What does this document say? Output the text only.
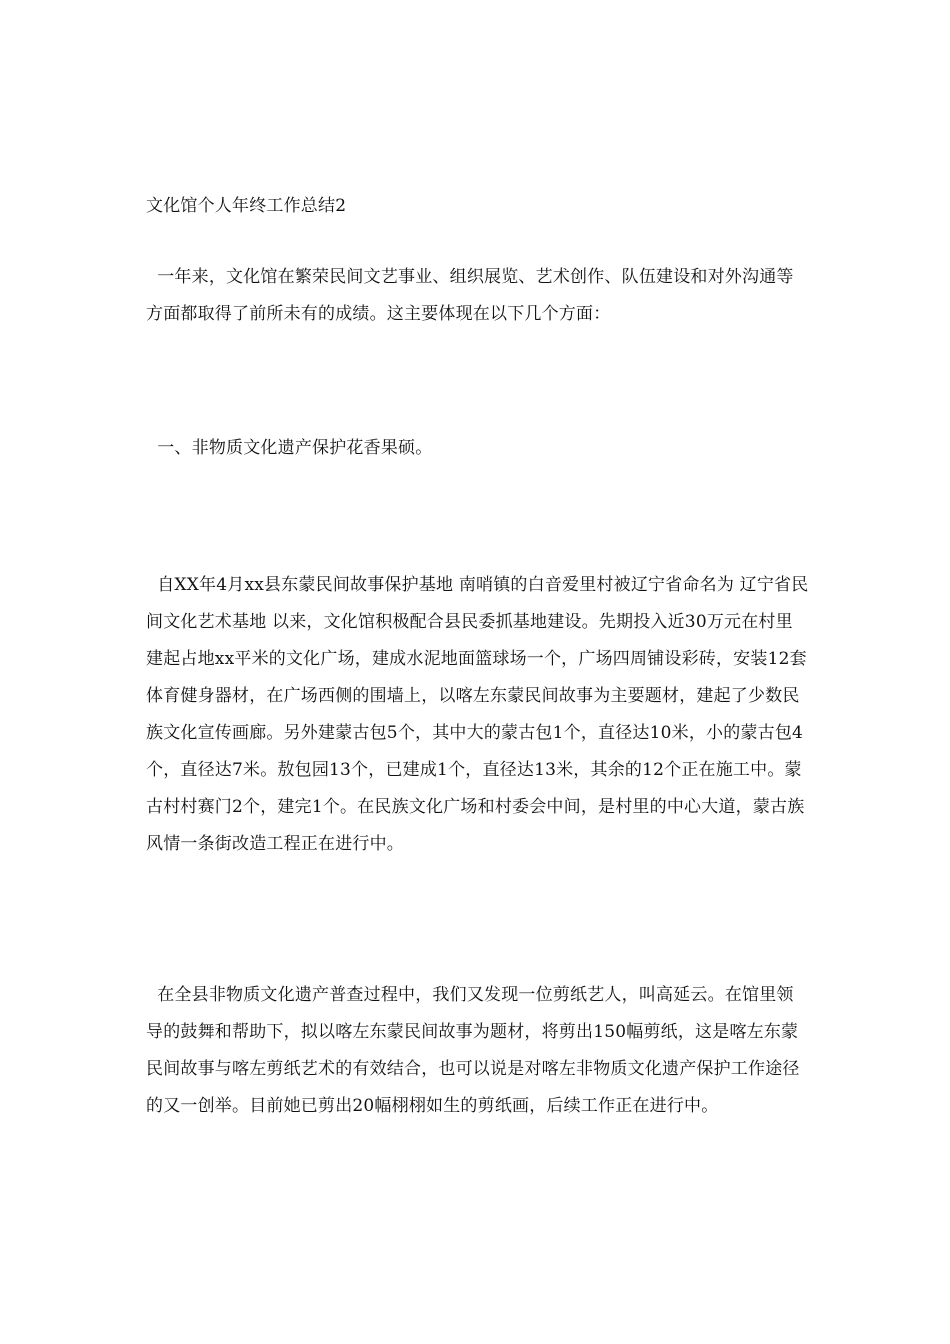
文化馆个人年终工作总结2

一年来，文化馆在繁荣民间文艺事业、组织展览、艺术创作、队伍建设和对外沟通等方面都取得了前所未有的成绩。这主要体现在以下几个方面：

一、非物质文化遗产保护花香果硕。

自XX年4月xx县东蒙民间故事保护基地 南哨镇的白音爱里村被辽宁省命名为 辽宁省民间文化艺术基地 以来，文化馆积极配合县民委抓基地建设。先期投入近30万元在村里建起占地xx平米的文化广场，建成水泥地面篮球场一个，广场四周铺设彩砖，安装12套体育健身器材，在广场西侧的围墙上，以喀左东蒙民间故事为主要题材，建起了少数民族文化宣传画廊。另外建蒙古包5个，其中大的蒙古包1个，直径达10米，小的蒙古包4个，直径达7米。敖包园13个，已建成1个，直径达13米，其余的12个正在施工中。蒙古村村赛门2个，建完1个。在民族文化广场和村委会中间，是村里的中心大道，蒙古族风情一条街改造工程正在进行中。

在全县非物质文化遗产普查过程中，我们又发现一位剪纸艺人，叫高延云。在馆里领导的鼓舞和帮助下，拟以喀左东蒙民间故事为题材，将剪出150幅剪纸，这是喀左东蒙民间故事与喀左剪纸艺术的有效结合，也可以说是对喀左非物质文化遗产保护工作途径的又一创举。目前她已剪出20幅栩栩如生的剪纸画，后续工作正在进行中。
